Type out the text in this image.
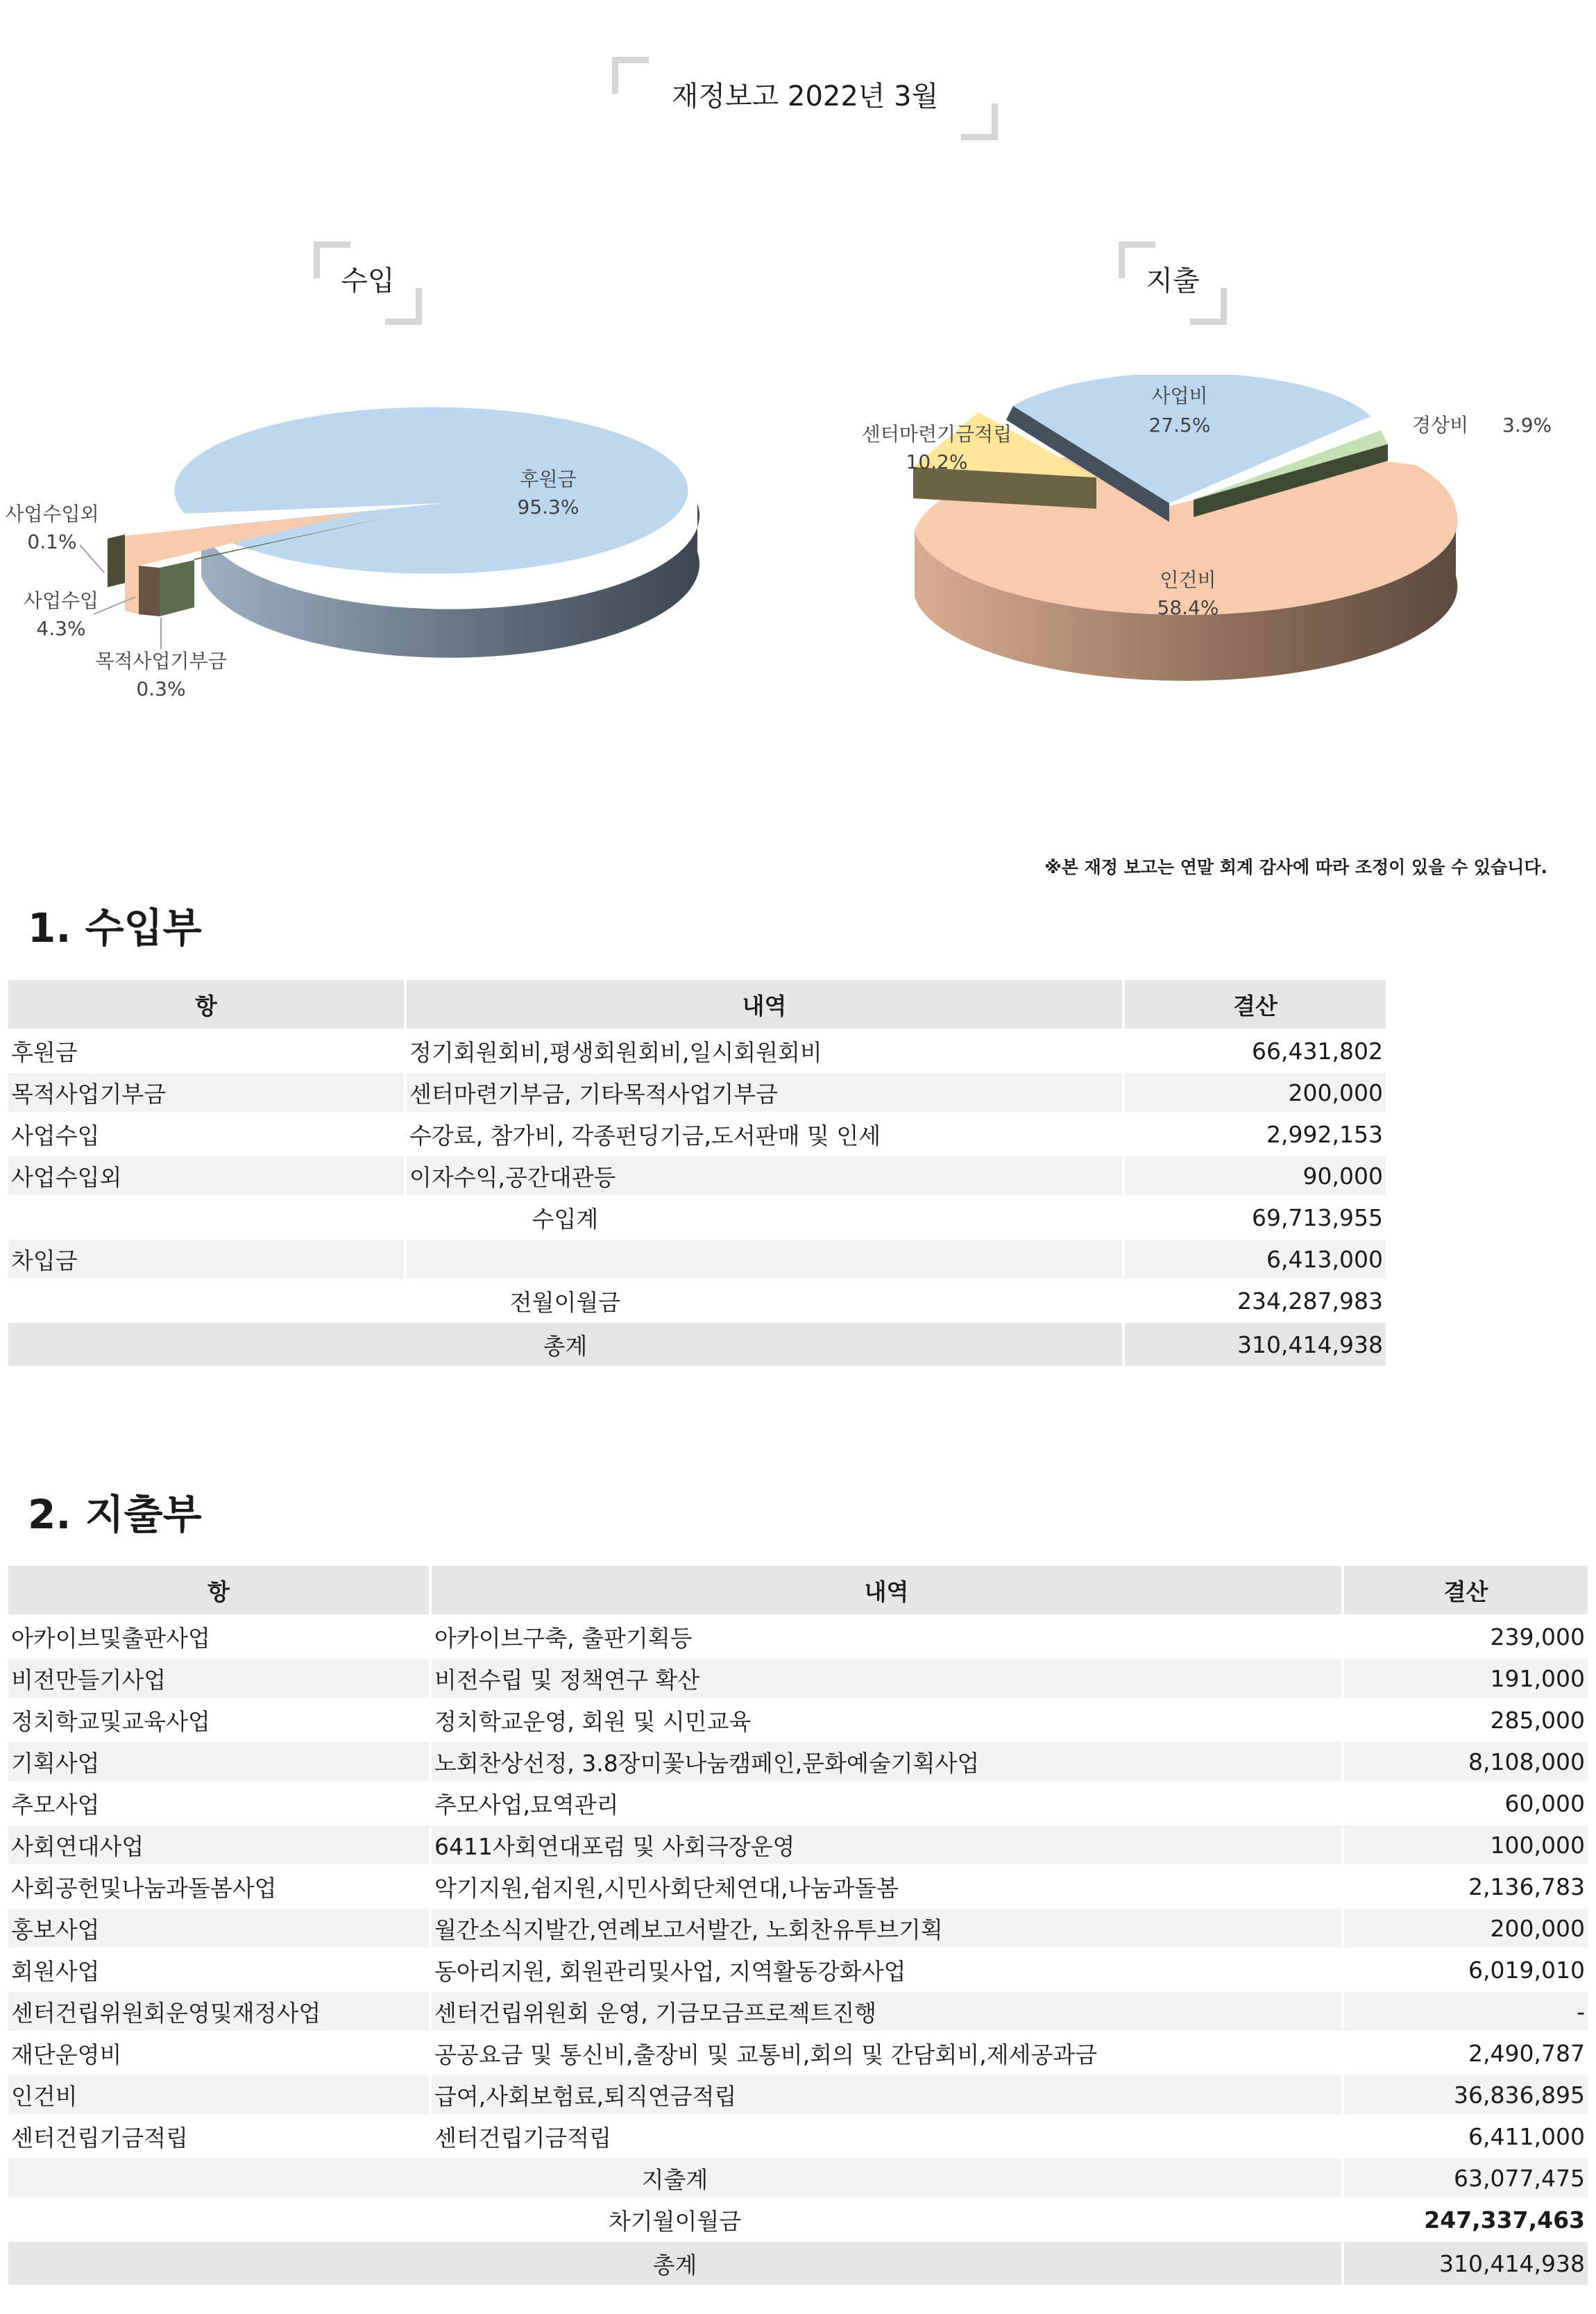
재정보고 2022년 3월
수입	지출
후원금
95.3%
사업수입외
0.1%
사업수입
4.3%
목적사업기부금
0.3%
사업비
27.5%	경상비 3.9%
인건비
58.4%
센터마련기금적립
10.2%
※본 재정 보고는 연말 회계 감사에 따라 조정이 있을 수 있습니다.
1. 수입부
항	내역	결산
후원금	정기회원회비,평생회원회비,일시회원회비	66,431,802
목적사업기부금	센터마련기부금, 기타목적사업기부금	200,000
사업수입	수강료, 참가비, 각종펀딩기금,도서판매 및 인세	2,992,153
사업수입외	이자수익,공간대관등	90,000
수입계		69,713,955
차입금		6,413,000
전월이월금		234,287,983
총계		310,414,938
2. 지출부
항	내역	결산
아카이브및출판사업	아카이브구축, 출판기획등	239,000
비전만들기사업	비전수립 및 정책연구 확산	191,000
정치학교및교육사업	정치학교운영, 회원 및 시민교육	285,000
기획사업	노회찬상선정, 3.8장미꽃나눔캠페인,문화예술기획사업	8,108,000
추모사업	추모사업,묘역관리	60,000
사회연대사업	6411사회연대포럼 및 사회극장운영	100,000
사회공헌및나눔과돌봄사업	악기지원,쉼지원,시민사회단체연대,나눔과돌봄	2,136,783
홍보사업	월간소식지발간,연례보고서발간, 노회찬유투브기획	200,000
회원사업	동아리지원, 회원관리및사업, 지역활동강화사업	6,019,010
센터건립위원회운영및재정사업	센터건립위원회 운영, 기금모금프로젝트진행	-
재단운영비	공공요금 및 통신비,출장비 및 교통비,회의 및 간담회비,제세공과금	2,490,787
인건비	급여,사회보험료,퇴직연금적립	36,836,895
센터건립기금적립	센터건립기금적립	6,411,000
지출계		63,077,475
차기월이월금		247,337,463
총계		310,414,938
